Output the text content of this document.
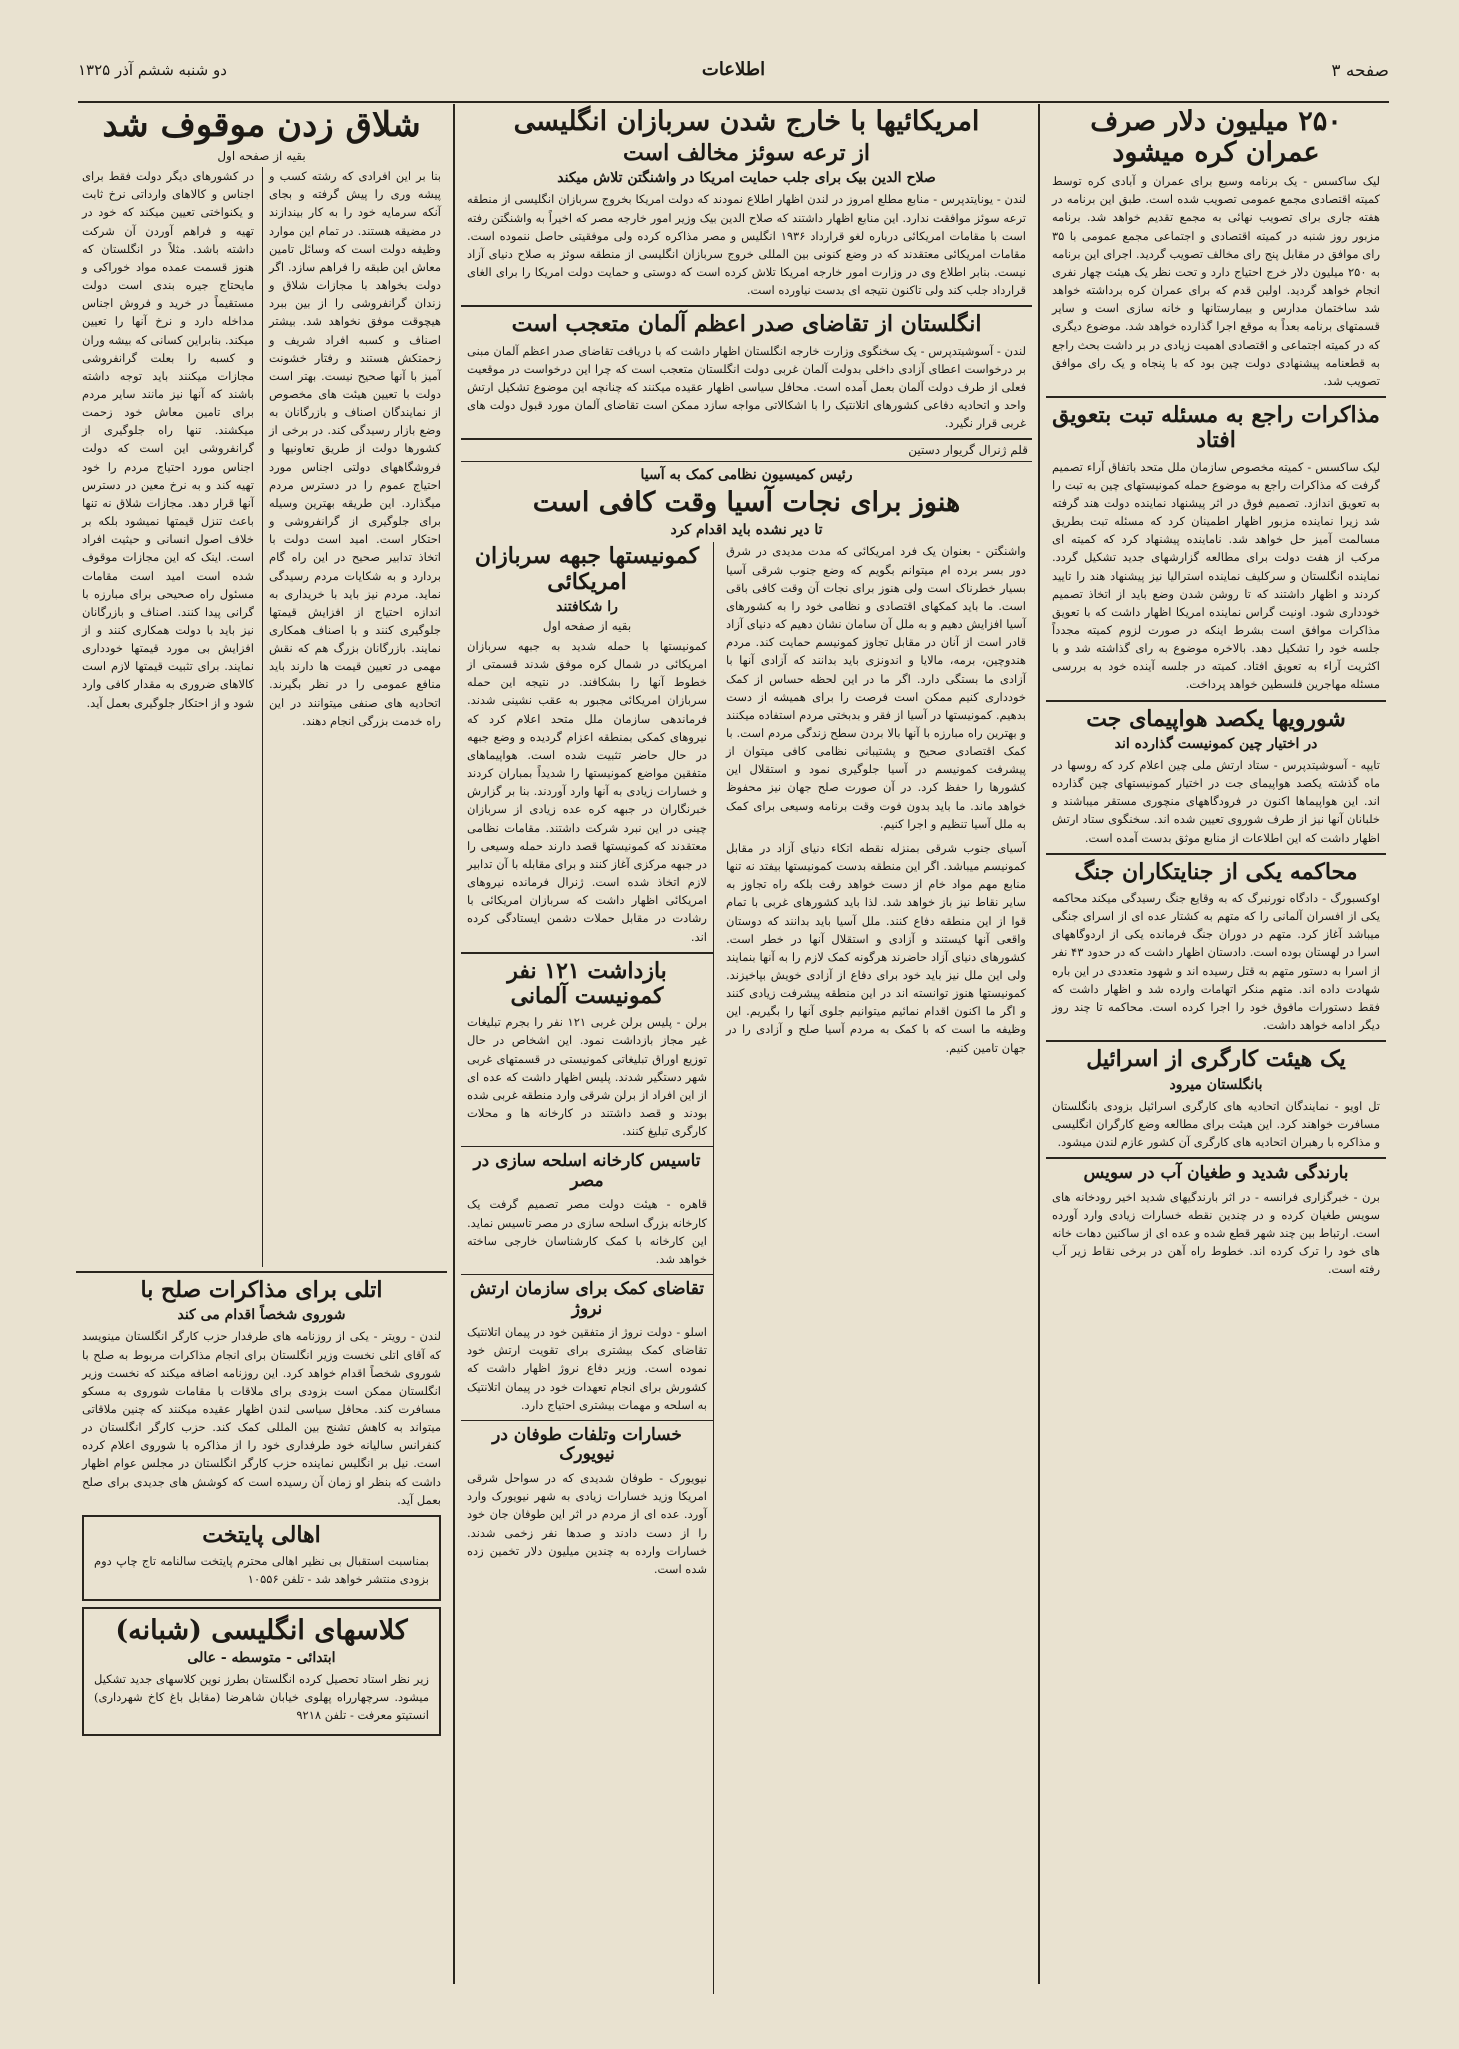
صفحه ۳
اطلاعات
دو شنبه ششم آذر ۱۳۲۵
۲۵۰ میلیون دلار صرف عمران کره میشود
لیک ساکسس - یک برنامه وسیع برای عمران و آبادی کره توسط کمیته اقتصادی مجمع عمومی تصویب شده است. طبق این برنامه در هفته جاری برای تصویب نهائی به مجمع تقدیم خواهد شد. برنامه مزبور روز شنبه در کمیته اقتصادی و اجتماعی مجمع عمومی با ۳۵ رای موافق در مقابل پنج رای مخالف تصویب گردید. اجرای این برنامه به ۲۵۰ میلیون دلار خرج احتیاج دارد و تحت نظر یک هیئت چهار نفری انجام خواهد گردید. اولین قدم که برای عمران کره برداشته خواهد شد ساختمان مدارس و بیمارستانها و خانه سازی است و سایر قسمتهای برنامه بعداً به موقع اجرا گذارده خواهد شد. موضوع دیگری که در کمیته اجتماعی و اقتصادی اهمیت زیادی در بر داشت بحث راجع به قطعنامه پیشنهادی دولت چین بود که با پنجاه و یک رای موافق تصویب شد.
مذاکرات راجع به مسئله تبت بتعویق افتاد
لیک ساکسس - کمیته مخصوص سازمان ملل متحد باتفاق آراء تصمیم گرفت که مذاکرات راجع به موضوع حمله کمونیستهای چین به تبت را به تعویق اندازد. تصمیم فوق در اثر پیشنهاد نماینده دولت هند گرفته شد زیرا نماینده مزبور اظهار اطمینان کرد که مسئله تبت بطریق مسالمت آمیز حل خواهد شد. ناماینده پیشنهاد کرد که کمیته ای مرکب از هفت دولت برای مطالعه گزارشهای جدید تشکیل گردد. نماینده انگلستان و سرکلیف نماینده استرالیا نیز پیشنهاد هند را تایید کردند و اظهار داشتند که تا روشن شدن وضع باید از اتخاذ تصمیم خودداری شود. اونیت گراس نماینده امریکا اظهار داشت که با تعویق مذاکرات موافق است بشرط اینکه در صورت لزوم کمیته مجدداً جلسه خود را تشکیل دهد. بالاخره موضوع به رای گذاشته شد و با اکثریت آراء به تعویق افتاد. کمیته در جلسه آینده خود به بررسی مسئله مهاجرین فلسطین خواهد پرداخت.
شورویها یکصد هواپیمای جت
در اختیار چین کمونیست گذارده اند
تایپه - آسوشیتدپرس - ستاد ارتش ملی چین اعلام کرد که روسها در ماه گذشته یکصد هواپیمای جت در اختیار کمونیستهای چین گذارده اند. این هواپیماها اکنون در فرودگاههای منچوری مستقر میباشند و خلبانان آنها نیز از طرف شوروی تعیین شده اند. سخنگوی ستاد ارتش اظهار داشت که این اطلاعات از منابع موثق بدست آمده است.
محاکمه یکی از جنایتکاران جنگ
اوکسبورگ - دادگاه نورنبرگ که به وقایع جنگ رسیدگی میکند محاکمه یکی از افسران آلمانی را که متهم به کشتار عده ای از اسرای جنگی میباشد آغاز کرد. متهم در دوران جنگ فرمانده یکی از اردوگاههای اسرا در لهستان بوده است. دادستان اظهار داشت که در حدود ۴۳ نفر از اسرا به دستور متهم به قتل رسیده اند و شهود متعددی در این باره شهادت داده اند. متهم منکر اتهامات وارده شد و اظهار داشت که فقط دستورات مافوق خود را اجرا کرده است. محاکمه تا چند روز دیگر ادامه خواهد داشت.
یک هیئت کارگری از اسرائیل
بانگلستان میرود
تل اویو - نمایندگان اتحادیه های کارگری اسرائیل بزودی بانگلستان مسافرت خواهند کرد. این هیئت برای مطالعه وضع کارگران انگلیسی و مذاکره با رهبران اتحادیه های کارگری آن کشور عازم لندن میشود.
بارندگی شدید و طغیان آب در سویس
برن - خبرگزاری فرانسه - در اثر بارندگیهای شدید اخیر رودخانه های سویس طغیان کرده و در چندین نقطه خسارات زیادی وارد آورده است. ارتباط بین چند شهر قطع شده و عده ای از ساکنین دهات خانه های خود را ترک کرده اند. خطوط راه آهن در برخی نقاط زیر آب رفته است.
امریکائیها با خارج شدن سربازان انگلیسی
از ترعه سوئز مخالف است
صلاح الدین بیک برای جلب حمایت امریکا در واشنگتن تلاش میکند
لندن - یونایتدپرس - منابع مطلع امروز در لندن اظهار اطلاع نمودند که دولت امریکا بخروج سربازان انگلیسی از منطقه ترعه سوئز موافقت ندارد. این منابع اظهار داشتند که صلاح الدین بیک وزیر امور خارجه مصر که اخیراً به واشنگتن رفته است با مقامات امریکائی درباره لغو قرارداد ۱۹۳۶ انگلیس و مصر مذاکره کرده ولی موفقیتی حاصل ننموده است. مقامات امریکائی معتقدند که در وضع کنونی بین المللی خروج سربازان انگلیسی از منطقه سوئز به صلاح دنیای آزاد نیست. بنابر اطلاع وی در وزارت امور خارجه امریکا تلاش کرده است که دوستی و حمایت دولت امریکا را برای الغای قرارداد جلب کند ولی تاکنون نتیجه ای بدست نیاورده است.
انگلستان از تقاضای صدر اعظم آلمان متعجب است
لندن - آسوشیتدپرس - یک سخنگوی وزارت خارجه انگلستان اظهار داشت که با دریافت تقاضای صدر اعظم آلمان مبنی بر درخواست اعطای آزادی داخلی بدولت آلمان غربی دولت انگلستان متعجب است که چرا این درخواست در موقعیت فعلی از طرف دولت آلمان بعمل آمده است. محافل سیاسی اظهار عقیده میکنند که چنانچه این موضوع تشکیل ارتش واحد و اتحادیه دفاعی کشورهای اتلانتیک را با اشکالاتی مواجه سازد ممکن است تقاضای آلمان مورد قبول دولت های غربی قرار نگیرد.
قلم ژنرال گریوار دستین
رئیس کمیسیون نظامی کمک به آسیا
هنوز برای نجات آسیا وقت کافی است
تا دیر نشده باید اقدام کرد
واشنگتن - بعنوان یک فرد امریکائی که مدت مدیدی در شرق دور بسر برده ام میتوانم بگویم که وضع جنوب شرقی آسیا بسیار خطرناک است ولی هنوز برای نجات آن وقت کافی باقی است. ما باید کمکهای اقتصادی و نظامی خود را به کشورهای آسیا افزایش دهیم و به ملل آن سامان نشان دهیم که دنیای آزاد قادر است از آنان در مقابل تجاوز کمونیسم حمایت کند. مردم هندوچین، برمه، مالایا و اندونزی باید بدانند که آزادی آنها با آزادی ما بستگی دارد. اگر ما در این لحظه حساس از کمک خودداری کنیم ممکن است فرصت را برای همیشه از دست بدهیم. کمونیستها در آسیا از فقر و بدبختی مردم استفاده میکنند و بهترین راه مبارزه با آنها بالا بردن سطح زندگی مردم است. با کمک اقتصادی صحیح و پشتیبانی نظامی کافی میتوان از پیشرفت کمونیسم در آسیا جلوگیری نمود و استقلال این کشورها را حفظ کرد. در آن صورت صلح جهان نیز محفوظ خواهد ماند. ما باید بدون فوت وقت برنامه وسیعی برای کمک به ملل آسیا تنظیم و اجرا کنیم.
آسیای جنوب شرقی بمنزله نقطه اتکاء دنیای آزاد در مقابل کمونیسم میباشد. اگر این منطقه بدست کمونیستها بیفتد نه تنها منابع مهم مواد خام از دست خواهد رفت بلکه راه تجاوز به سایر نقاط نیز باز خواهد شد. لذا باید کشورهای غربی با تمام قوا از این منطقه دفاع کنند. ملل آسیا باید بدانند که دوستان واقعی آنها کیستند و آزادی و استقلال آنها در خطر است. کشورهای دنیای آزاد حاضرند هرگونه کمک لازم را به آنها بنمایند ولی این ملل نیز باید خود برای دفاع از آزادی خویش بپاخیزند. کمونیستها هنوز توانسته اند در این منطقه پیشرفت زیادی کنند و اگر ما اکنون اقدام نمائیم میتوانیم جلوی آنها را بگیریم. این وظیفه ما است که با کمک به مردم آسیا صلح و آزادی را در جهان تامین کنیم.
کمونیستها جبهه سربازان امریکائی
را شکافتند
بقیه از صفحه اول
کمونیستها با حمله شدید به جبهه سربازان امریکائی در شمال کره موفق شدند قسمتی از خطوط آنها را بشکافند. در نتیجه این حمله سربازان امریکائی مجبور به عقب نشینی شدند. فرماندهی سازمان ملل متحد اعلام کرد که نیروهای کمکی بمنطقه اعزام گردیده و وضع جبهه در حال حاضر تثبیت شده است. هواپیماهای متفقین مواضع کمونیستها را شدیداً بمباران کردند و خسارات زیادی به آنها وارد آوردند. بنا بر گزارش خبرنگاران در جبهه کره عده زیادی از سربازان چینی در این نبرد شرکت داشتند. مقامات نظامی معتقدند که کمونیستها قصد دارند حمله وسیعی را در جبهه مرکزی آغاز کنند و برای مقابله با آن تدابیر لازم اتخاذ شده است. ژنرال فرمانده نیروهای امریکائی اظهار داشت که سربازان امریکائی با رشادت در مقابل حملات دشمن ایستادگی کرده اند.
بازداشت ۱۲۱ نفر کمونیست آلمانی
برلن - پلیس برلن غربی ۱۲۱ نفر را بجرم تبلیغات غیر مجاز بازداشت نمود. این اشخاص در حال توزیع اوراق تبلیغاتی کمونیستی در قسمتهای غربی شهر دستگیر شدند. پلیس اظهار داشت که عده ای از این افراد از برلن شرقی وارد منطقه غربی شده بودند و قصد داشتند در کارخانه ها و محلات کارگری تبلیغ کنند.
تاسیس کارخانه اسلحه سازی در مصر
قاهره - هیئت دولت مصر تصمیم گرفت یک کارخانه بزرگ اسلحه سازی در مصر تاسیس نماید. این کارخانه با کمک کارشناسان خارجی ساخته خواهد شد.
تقاضای کمک برای سازمان ارتش نروژ
اسلو - دولت نروژ از متفقین خود در پیمان اتلانتیک تقاضای کمک بیشتری برای تقویت ارتش خود نموده است. وزیر دفاع نروژ اظهار داشت که کشورش برای انجام تعهدات خود در پیمان اتلانتیک به اسلحه و مهمات بیشتری احتیاج دارد.
خسارات وتلفات طوفان در نیویورک
نیویورک - طوفان شدیدی که در سواحل شرقی امریکا وزید خسارات زیادی به شهر نیویورک وارد آورد. عده ای از مردم در اثر این طوفان جان خود را از دست دادند و صدها نفر زخمی شدند. خسارات وارده به چندین میلیون دلار تخمین زده شده است.
شلاق زدن موقوف شد
بقیه از صفحه اول
بنا بر این افرادی که رشته کسب و پیشه وری را پیش گرفته و بجای آنکه سرمایه خود را به کار بیندازند در مضیقه هستند. در تمام این موارد وظیفه دولت است که وسائل تامین معاش این طبقه را فراهم سازد. اگر دولت بخواهد با مجازات شلاق و زندان گرانفروشی را از بین ببرد هیچوقت موفق نخواهد شد. بیشتر اصناف و کسبه افراد شریف و زحمتکش هستند و رفتار خشونت آمیز با آنها صحیح نیست. بهتر است دولت با تعیین هیئت های مخصوص از نمایندگان اصناف و بازرگانان به وضع بازار رسیدگی کند. در برخی از کشورها دولت از طریق تعاونیها و فروشگاههای دولتی اجناس مورد احتیاج عموم را در دسترس مردم میگذارد. این طریقه بهترین وسیله برای جلوگیری از گرانفروشی و احتکار است. امید است دولت با اتخاذ تدابیر صحیح در این راه گام بردارد و به شکایات مردم رسیدگی نماید. مردم نیز باید با خریداری به اندازه احتیاج از افزایش قیمتها جلوگیری کنند و با اصناف همکاری نمایند. بازرگانان بزرگ هم که نقش مهمی در تعیین قیمت ها دارند باید منافع عمومی را در نظر بگیرند. اتحادیه های صنفی میتوانند در این راه خدمت بزرگی انجام دهند.
در کشورهای دیگر دولت فقط برای اجناس و کالاهای وارداتی نرخ ثابت و یکنواختی تعیین میکند که خود در تهیه و فراهم آوردن آن شرکت داشته باشد. مثلاً در انگلستان که هنوز قسمت عمده مواد خوراکی و مایحتاج جیره بندی است دولت مستقیماً در خرید و فروش اجناس مداخله دارد و نرخ آنها را تعیین میکند. بنابراین کسانی که بیشه وران و کسبه را بعلت گرانفروشی مجازات میکنند باید توجه داشته باشند که آنها نیز مانند سایر مردم برای تامین معاش خود زحمت میکشند. تنها راه جلوگیری از گرانفروشی این است که دولت اجناس مورد احتیاج مردم را خود تهیه کند و به نرخ معین در دسترس آنها قرار دهد. مجازات شلاق نه تنها باعث تنزل قیمتها نمیشود بلکه بر خلاف اصول انسانی و حیثیت افراد است. اینک که این مجازات موقوف شده است امید است مقامات مسئول راه صحیحی برای مبارزه با گرانی پیدا کنند. اصناف و بازرگانان نیز باید با دولت همکاری کنند و از افزایش بی مورد قیمتها خودداری نمایند. برای تثبیت قیمتها لازم است کالاهای ضروری به مقدار کافی وارد شود و از احتکار جلوگیری بعمل آید.
اتلی برای مذاکرات صلح با
شوروی شخصاً اقدام می کند
لندن - رویتر - یکی از روزنامه های طرفدار حزب کارگر انگلستان مینویسد که آقای اتلی نخست وزیر انگلستان برای انجام مذاکرات مربوط به صلح با شوروی شخصاً اقدام خواهد کرد. این روزنامه اضافه میکند که نخست وزیر انگلستان ممکن است بزودی برای ملاقات با مقامات شوروی به مسکو مسافرت کند. محافل سیاسی لندن اظهار عقیده میکنند که چنین ملاقاتی میتواند به کاهش تشنج بین المللی کمک کند. حزب کارگر انگلستان در کنفرانس سالیانه خود طرفداری خود را از مذاکره با شوروی اعلام کرده است. نیل بر انگلیس نماینده حزب کارگر انگلستان در مجلس عوام اظهار داشت که بنظر او زمان آن رسیده است که کوشش های جدیدی برای صلح بعمل آید.
اهالی پایتخت
بمناسبت استقبال بی نظیر اهالی محترم پایتخت سالنامه تاج چاپ دوم بزودی منتشر خواهد شد - تلفن ۱۰۵۵۶
کلاسهای انگلیسی (شبانه)
ابتدائی - متوسطه - عالی
زیر نظر استاد تحصیل کرده انگلستان بطرز نوین کلاسهای جدید تشکیل میشود. سرچهارراه پهلوی خیابان شاهرضا (مقابل باغ کاخ شهرداری) انستیتو معرفت - تلفن ۹۲۱۸
